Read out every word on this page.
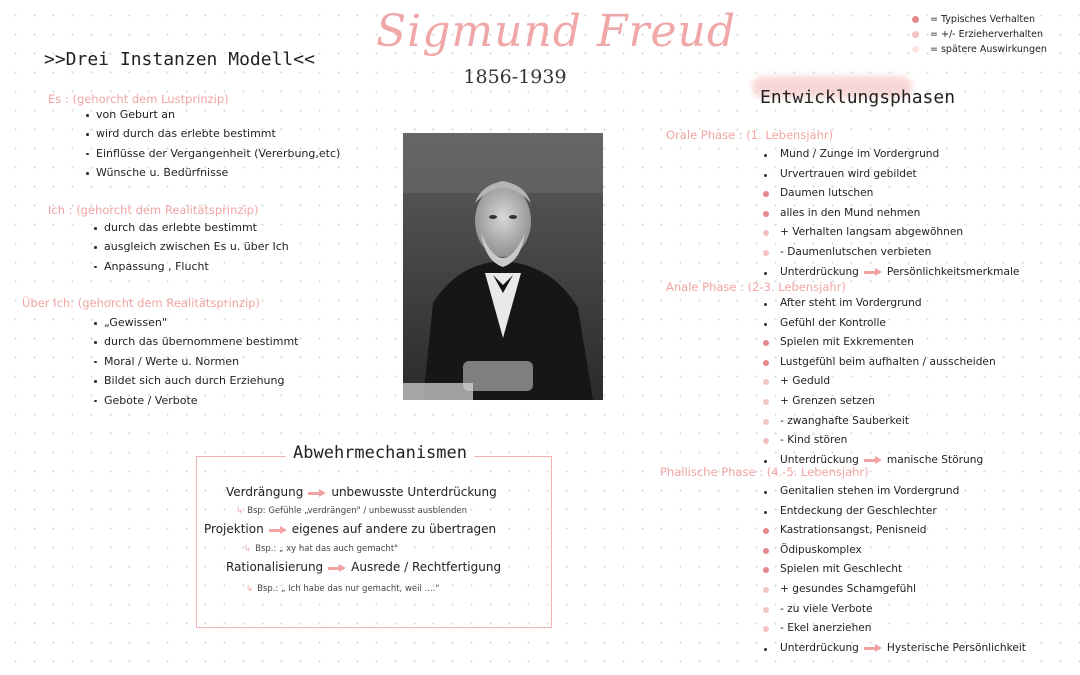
Sigmund Freud
1856-1939
= Typisches Verhalten
= +/- Erzieherverhalten
= spätere Auswirkungen
>>Drei Instanzen Modell<<
Es : (gehorcht dem Lustprinzip)
von Geburt an
wird durch das erlebte bestimmt
Einflüsse der Vergangenheit (Vererbung,etc)
Wünsche u. Bedürfnisse
Ich : (gehorcht dem Realitätsprinzip)
durch das erlebte bestimmt
ausgleich zwischen Es u. über Ich
Anpassung , Flucht
Über Ich: (gehorcht dem Realitätsprinzip)
„Gewissen"
durch das übernommene bestimmt
Moral / Werte u. Normen
Bildet sich auch durch Erziehung
Gebote / Verbote
Abwehrmechanismen
Verdrängung unbewusste Unterdrückung
↳ Bsp: Gefühle „verdrängen" / unbewusst ausblenden
Projektion eigenes auf andere zu übertragen
↳ Bsp.: „ xy hat das auch gemacht"
Rationalisierung Ausrede / Rechtfertigung
↳ Bsp.: „ Ich habe das nur gemacht, weil ...."
Entwicklungsphasen
Orale Phase : (1. Lebensjahr)
Mund / Zunge im Vordergrund
Urvertrauen wird gebildet
Daumen lutschen
alles in den Mund nehmen
+ Verhalten langsam abgewöhnen
- Daumenlutschen verbieten
Unterdrückung	Persönlichkeitsmerkmale
Anale Phase : (2-3. Lebensjahr)
After steht im Vordergrund
Gefühl der Kontrolle
Spielen mit Exkrementen
Lustgefühl beim aufhalten / ausscheiden
+ Geduld
+ Grenzen setzen
- zwanghafte Sauberkeit
- Kind stören
Unterdrückung	manische Störung
Phallische Phase : (4.-5. Lebensjahr)
Genitalien stehen im Vordergrund
Entdeckung der Geschlechter
Kastrationsangst, Penisneid
Ödipuskomplex
Spielen mit Geschlecht
+ gesundes Schamgefühl
- zu viele Verbote
- Ekel anerziehen
Unterdrückung	Hysterische Persönlichkeit
